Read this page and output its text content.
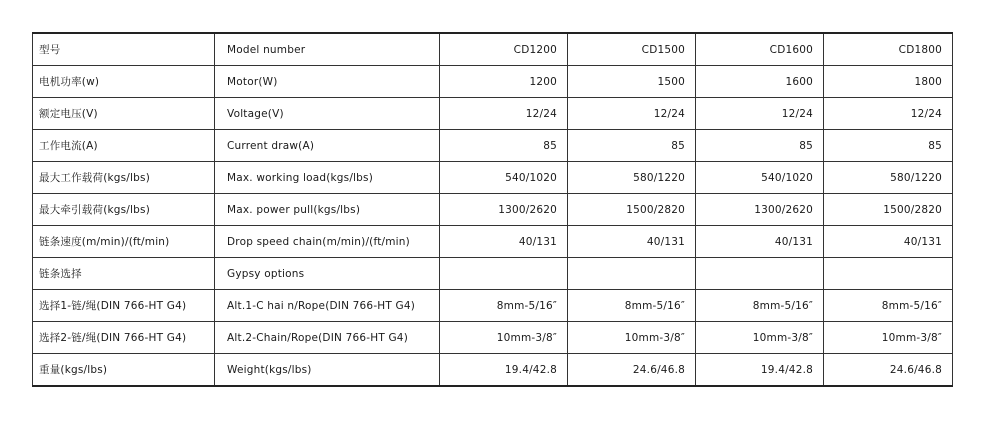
型号	Model number	CD1200	CD1500	CD1600	CD1800
电机功率(w)	Motor(W)	1200	1500	1600	1800
额定电压(V)	Voltage(V)	12/24	12/24	12/24	12/24
工作电流(A)	Current draw(A)	85	85	85	85
最大工作载荷(kgs/lbs)	Max. working load(kgs/lbs)	540/1020	580/1220	540/1020	580/1220
最大牵引载荷(kgs/lbs)	Max. power pull(kgs/lbs)	1300/2620	1500/2820	1300/2620	1500/2820
链条速度(m/min)/(ft/min)	Drop speed chain(m/min)/(ft/min)	40/131	40/131	40/131	40/131
链条选择	Gypsy options				
选择1-链/绳(DIN 766-HT G4)	Alt.1-C hai n/Rope(DIN 766-HT G4)	8mm-5/16″	8mm-5/16″	8mm-5/16″	8mm-5/16″
选择2-链/绳(DIN 766-HT G4)	Alt.2-Chain/Rope(DIN 766-HT G4)	10mm-3/8″	10mm-3/8″	10mm-3/8″	10mm-3/8″
重量(kgs/lbs)	Weight(kgs/lbs)	19.4/42.8	24.6/46.8	19.4/42.8	24.6/46.8
